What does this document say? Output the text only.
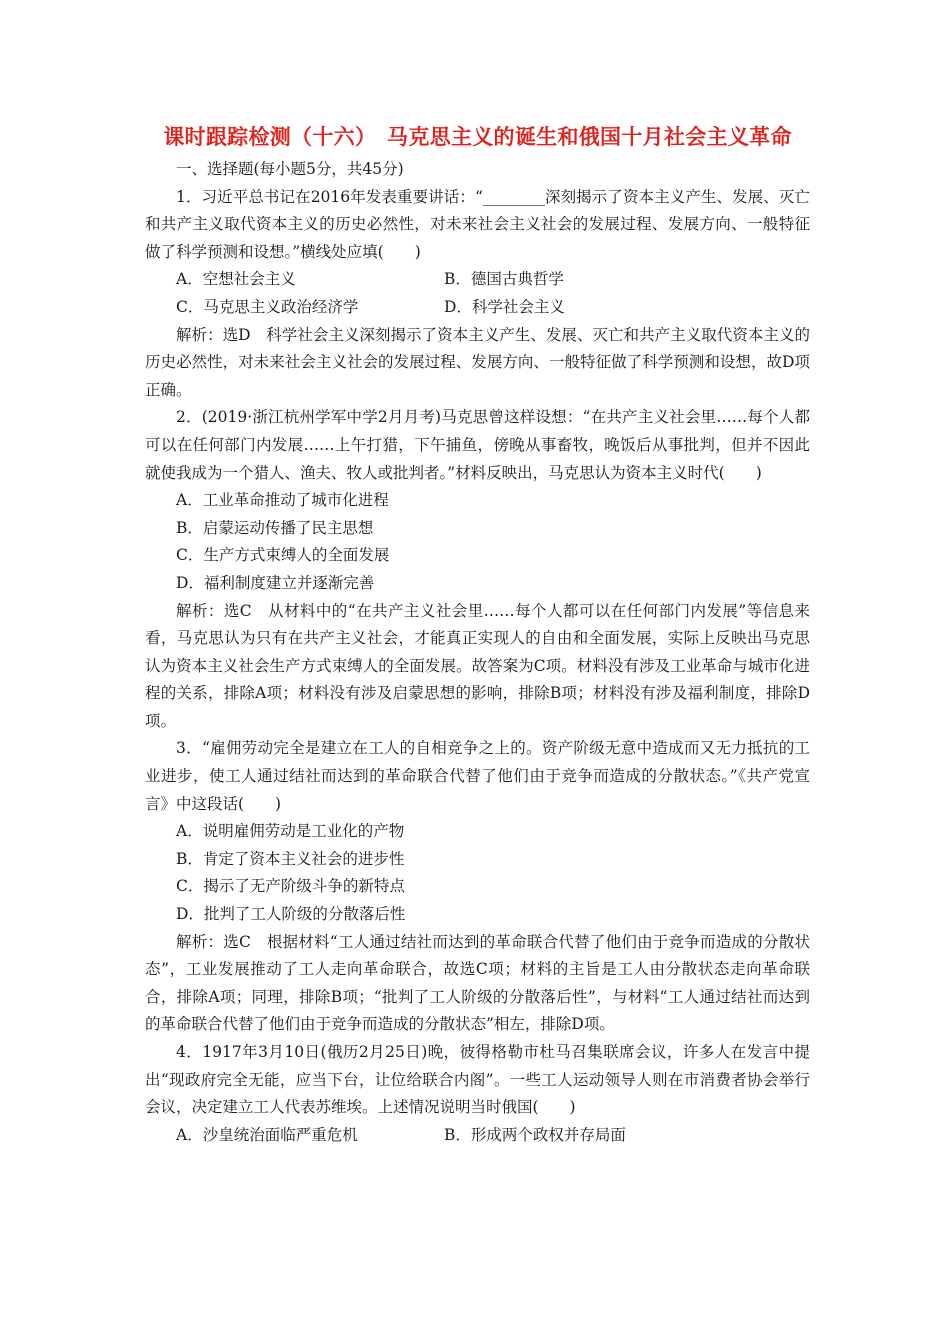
课时跟踪检测（十六）　马克思主义的诞生和俄国十月社会主义革命
一、选择题(每小题5分，共45分)

1．习近平总书记在2016年发表重要讲话：“________深刻揭示了资本主义产生、发展、灭亡和共产主义取代资本主义的历史必然性，对未来社会主义社会的发展过程、发展方向、一般特征做了科学预测和设想。”横线处应填(　　)

A．空想社会主义	B．德国古典哲学
C．马克思主义政治经济学	D．科学社会主义

解析：选D　科学社会主义深刻揭示了资本主义产生、发展、灭亡和共产主义取代资本主义的历史必然性，对未来社会主义社会的发展过程、发展方向、一般特征做了科学预测和设想，故D项正确。

2．(2019·浙江杭州学军中学2月月考)马克思曾这样设想：“在共产主义社会里……每个人都可以在任何部门内发展……上午打猎，下午捕鱼，傍晚从事畜牧，晚饭后从事批判，但并不因此就使我成为一个猎人、渔夫、牧人或批判者。”材料反映出，马克思认为资本主义时代(　　)

A．工业革命推动了城市化进程

B．启蒙运动传播了民主思想

C．生产方式束缚人的全面发展

D．福利制度建立并逐渐完善

解析：选C　从材料中的“在共产主义社会里……每个人都可以在任何部门内发展”等信息来看，马克思认为只有在共产主义社会，才能真正实现人的自由和全面发展，实际上反映出马克思认为资本主义社会生产方式束缚人的全面发展。故答案为C项。材料没有涉及工业革命与城市化进程的关系，排除A项；材料没有涉及启蒙思想的影响，排除B项；材料没有涉及福利制度，排除D项。

3．“雇佣劳动完全是建立在工人的自相竞争之上的。资产阶级无意中造成而又无力抵抗的工业进步，使工人通过结社而达到的革命联合代替了他们由于竞争而造成的分散状态。”《共产党宣言》中这段话(　　)

A．说明雇佣劳动是工业化的产物

B．肯定了资本主义社会的进步性

C．揭示了无产阶级斗争的新特点

D．批判了工人阶级的分散落后性

解析：选C　根据材料“工人通过结社而达到的革命联合代替了他们由于竞争而造成的分散状态”，工业发展推动了工人走向革命联合，故选C项；材料的主旨是工人由分散状态走向革命联合，排除A项；同理，排除B项；“批判了工人阶级的分散落后性”，与材料“工人通过结社而达到的革命联合代替了他们由于竞争而造成的分散状态”相左，排除D项。

4．1917年3月10日(俄历2月25日)晚，彼得格勒市杜马召集联席会议，许多人在发言中提出“现政府完全无能，应当下台，让位给联合内阁”。一些工人运动领导人则在市消费者协会举行会议，决定建立工人代表苏维埃。上述情况说明当时俄国(　　)

A．沙皇统治面临严重危机	B．形成两个政权并存局面
